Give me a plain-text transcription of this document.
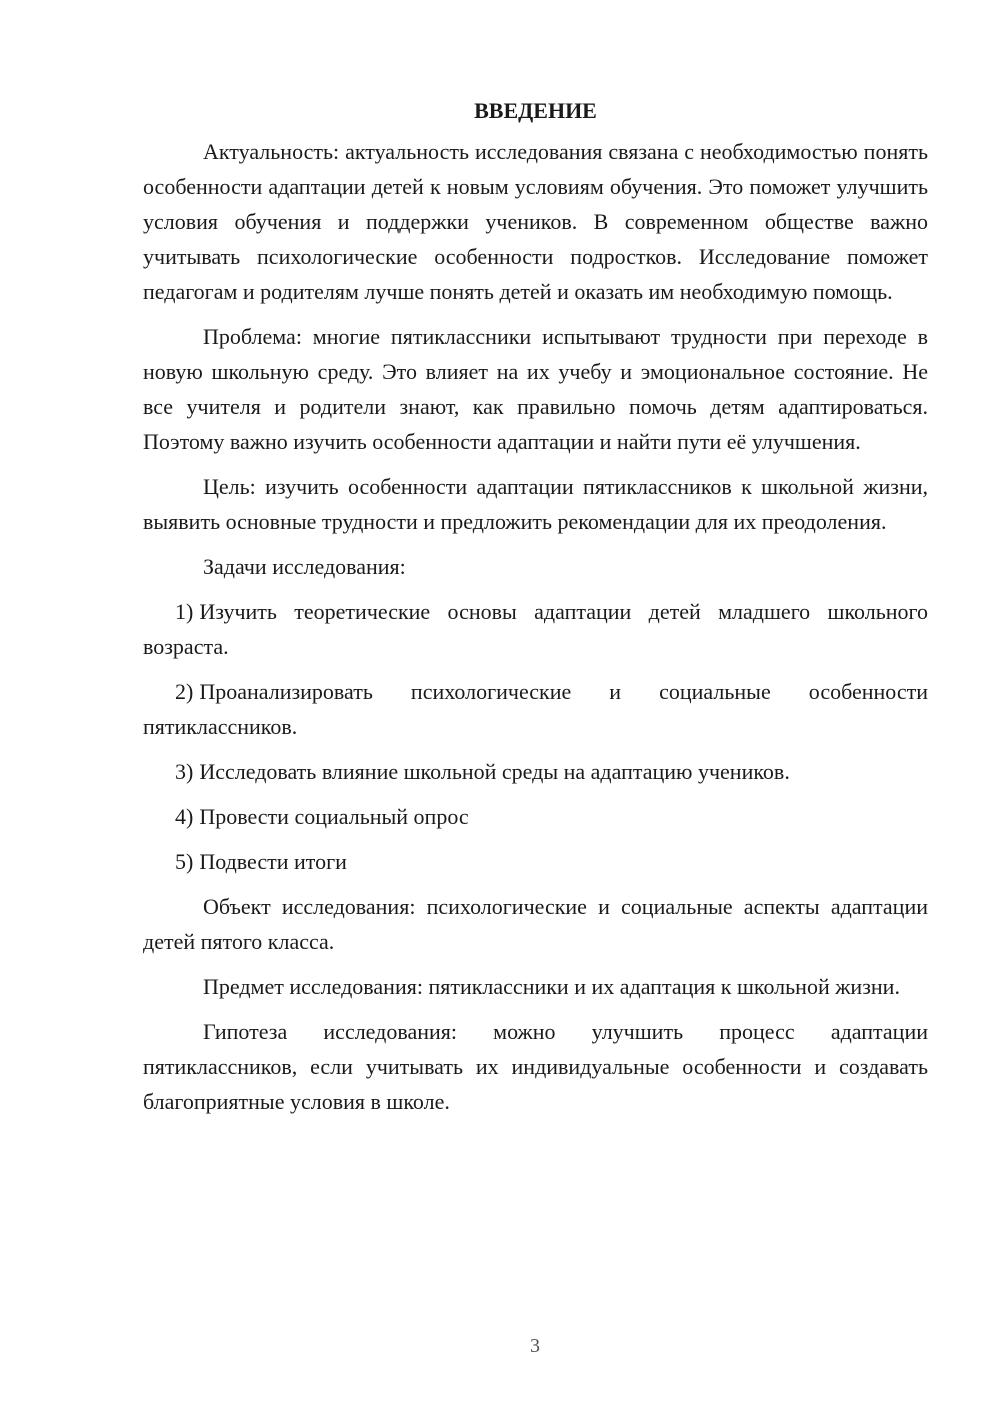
ВВЕДЕНИЕ

Актуальность: актуальность исследования связана с необходимостью понять особенности адаптации детей к новым условиям обучения. Это поможет улучшить условия обучения и поддержки учеников. В современном обществе важно учитывать психологические особенности подростков. Исследование поможет педагогам и родителям лучше понять детей и оказать им необходимую помощь.

Проблема: многие пятиклассники испытывают трудности при переходе в новую школьную среду. Это влияет на их учебу и эмоциональное состояние. Не все учителя и родители знают, как правильно помочь детям адаптироваться. Поэтому важно изучить особенности адаптации и найти пути её улучшения.

Цель: изучить особенности адаптации пятиклассников к школьной жизни, выявить основные трудности и предложить рекомендации для их преодоления.

Задачи исследования:

1) Изучить теоретические основы адаптации детей младшего школьного возраста.

2) Проанализировать психологические и социальные особенности пятиклассников.

3) Исследовать влияние школьной среды на адаптацию учеников.

4) Провести социальный опрос

5) Подвести итоги

Объект исследования: психологические и социальные аспекты адаптации детей пятого класса.

Предмет исследования: пятиклассники и их адаптация к школьной жизни.

Гипотеза исследования: можно улучшить процесс адаптации пятиклассников, если учитывать их индивидуальные особенности и создавать благоприятные условия в школе.

3
